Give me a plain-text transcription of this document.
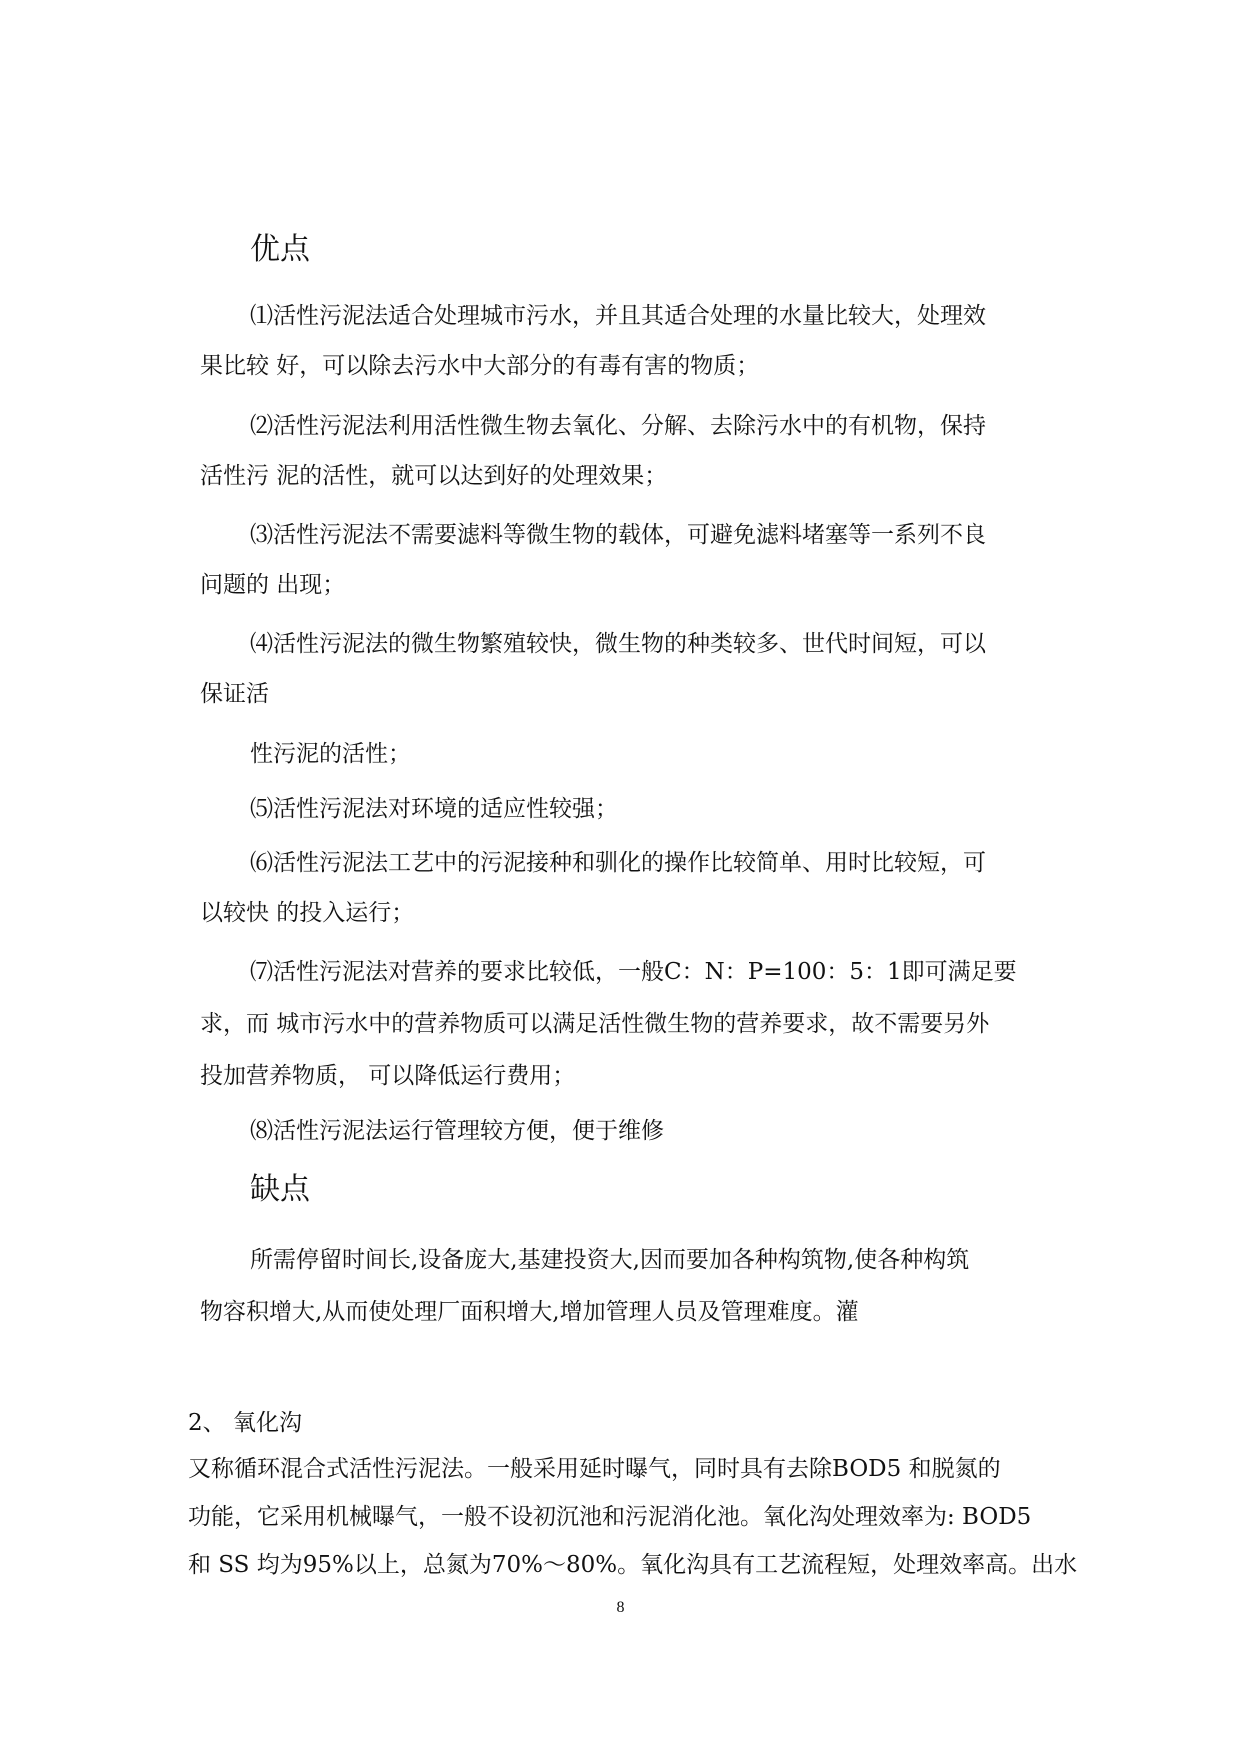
优点

⑴活性污泥法适合处理城市污水，并且其适合处理的水量比较大，处理效

果比较 好，可以除去污水中大部分的有毒有害的物质；

⑵活性污泥法利用活性微生物去氧化、分解、去除污水中的有机物，保持

活性污 泥的活性，就可以达到好的处理效果；

⑶活性污泥法不需要滤料等微生物的载体，可避免滤料堵塞等一系列不良

问题的 出现；

⑷活性污泥法的微生物繁殖较快，微生物的种类较多、世代时间短，可以

保证活

性污泥的活性；

⑸活性污泥法对环境的适应性较强；

⑹活性污泥法工艺中的污泥接种和驯化的操作比较简单、用时比较短，可

以较快 的投入运行；

⑺活性污泥法对营养的要求比较低，一般C：N：P=100：5：1即可满足要

求，而 城市污水中的营养物质可以满足活性微生物的营养要求，故不需要另外

投加营养物质， 可以降低运行费用；

⑻活性污泥法运行管理较方便，便于维修

缺点

所需停留时间长,设备庞大,基建投资大,因而要加各种构筑物,使各种构筑

物容积增大,从而使处理厂面积增大,增加管理人员及管理难度。灌

2、 氧化沟

又称循环混合式活性污泥法。一般采用延时曝气，同时具有去除BOD5 和脱氮的

功能，它采用机械曝气，一般不设初沉池和污泥消化池。氧化沟处理效率为: BOD5

和 SS 均为95%以上，总氮为70%～80%。氧化沟具有工艺流程短，处理效率高。出水

8
